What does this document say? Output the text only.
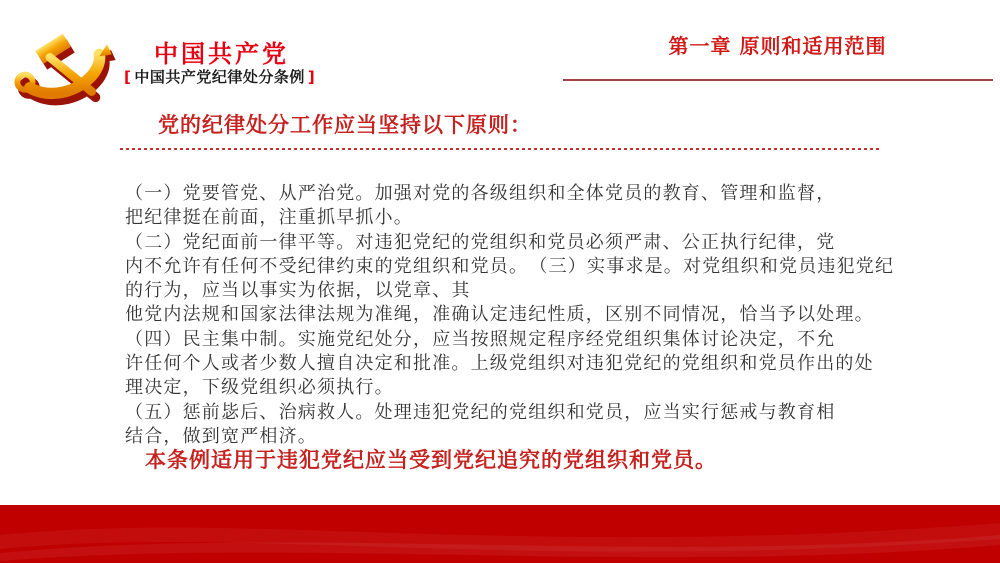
中国共产党
[ 中国共产党纪律处分条例 ]
第一章 原则和适用范围
党的纪律处分工作应当坚持以下原则：
（一）党要管党、从严治党。加强对党的各级组织和全体党员的教育、管理和监督，
把纪律挺在前面，注重抓早抓小。
（二）党纪面前一律平等。对违犯党纪的党组织和党员必须严肃、公正执行纪律，党
内不允许有任何不受纪律约束的党组织和党员。　（三）实事求是。对党组织和党员违犯党纪
的行为，应当以事实为依据，以党章、其
他党内法规和国家法律法规为准绳，准确认定违纪性质，区别不同情况，恰当予以处理。
（四）民主集中制。实施党纪处分，应当按照规定程序经党组织集体讨论决定，不允
许任何个人或者少数人擅自决定和批准。上级党组织对违犯党纪的党组织和党员作出的处
理决定，下级党组织必须执行。
（五）惩前毖后、治病救人。处理违犯党纪的党组织和党员，应当实行惩戒与教育相
结合，做到宽严相济。
本条例适用于违犯党纪应当受到党纪追究的党组织和党员。
